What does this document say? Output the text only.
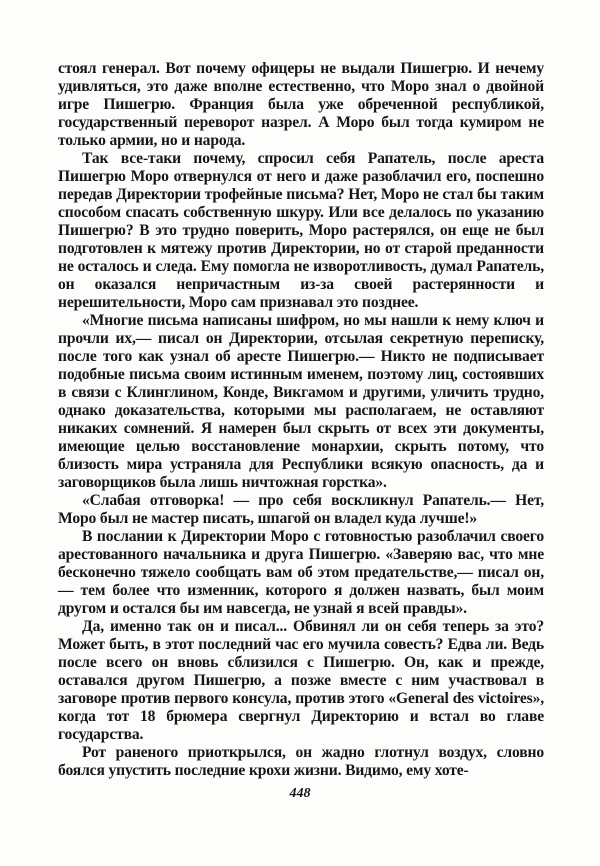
стоял генерал. Вот почему офицеры не выдали Пишегрю. И нечему удивляться, это даже вполне естественно, что Моро знал о двойной игре Пишегрю. Франция была уже обреченной республикой, государственный переворот назрел. А Моро был тогда кумиром не только армии, но и народа.

Так все-таки почему, спросил себя Рапатель, после ареста Пишегрю Моро отвернулся от него и даже разоблачил его, поспешно передав Директории трофейные письма? Нет, Моро не стал бы таким способом спасать собственную шкуру. Или все делалось по указанию Пишегрю? В это трудно поверить, Моро растерялся, он еще не был подготовлен к мятежу против Директории, но от старой преданности не осталось и следа. Ему помогла не изворотливость, думал Рапатель, он оказался непричастным из-за своей растерянности и нерешительности, Моро сам признавал это позднее.

«Многие письма написаны шифром, но мы нашли к нему ключ и прочли их,— писал он Директории, отсылая секретную переписку, после того как узнал об аресте Пишегрю.— Никто не подписывает подобные письма своим истинным именем, поэтому лиц, состоявших в связи с Клинглином, Конде, Викгамом и другими, уличить трудно, однако доказательства, которыми мы располагаем, не оставляют никаких сомнений. Я намерен был скрыть от всех эти документы, имеющие целью восстановление монархии, скрыть потому, что близость мира устраняла для Республики всякую опасность, да и заговорщиков была лишь ничтожная горстка».

«Слабая отговорка! — про себя воскликнул Рапатель.— Нет, Моро был не мастер писать, шпагой он владел куда лучше!»

В послании к Директории Моро с готовностью разоблачил своего арестованного начальника и друга Пишегрю. «Заверяю вас, что мне бесконечно тяжело сообщать вам об этом предательстве,— писал он,— тем более что изменник, которого я должен назвать, был моим другом и остался бы им навсегда, не узнай я всей правды».

Да, именно так он и писал... Обвинял ли он себя теперь за это? Может быть, в этот последний час его мучила совесть? Едва ли. Ведь после всего он вновь сблизился с Пишегрю. Он, как и прежде, оставался другом Пишегрю, а позже вместе с ним участвовал в заговоре против первого консула, против этого «General des victoires», когда тот 18 брюмера свергнул Директорию и встал во главе государства.

Рот раненого приоткрылся, он жадно глотнул воздух, словно боялся упустить последние крохи жизни. Видимо, ему хоте-

448
